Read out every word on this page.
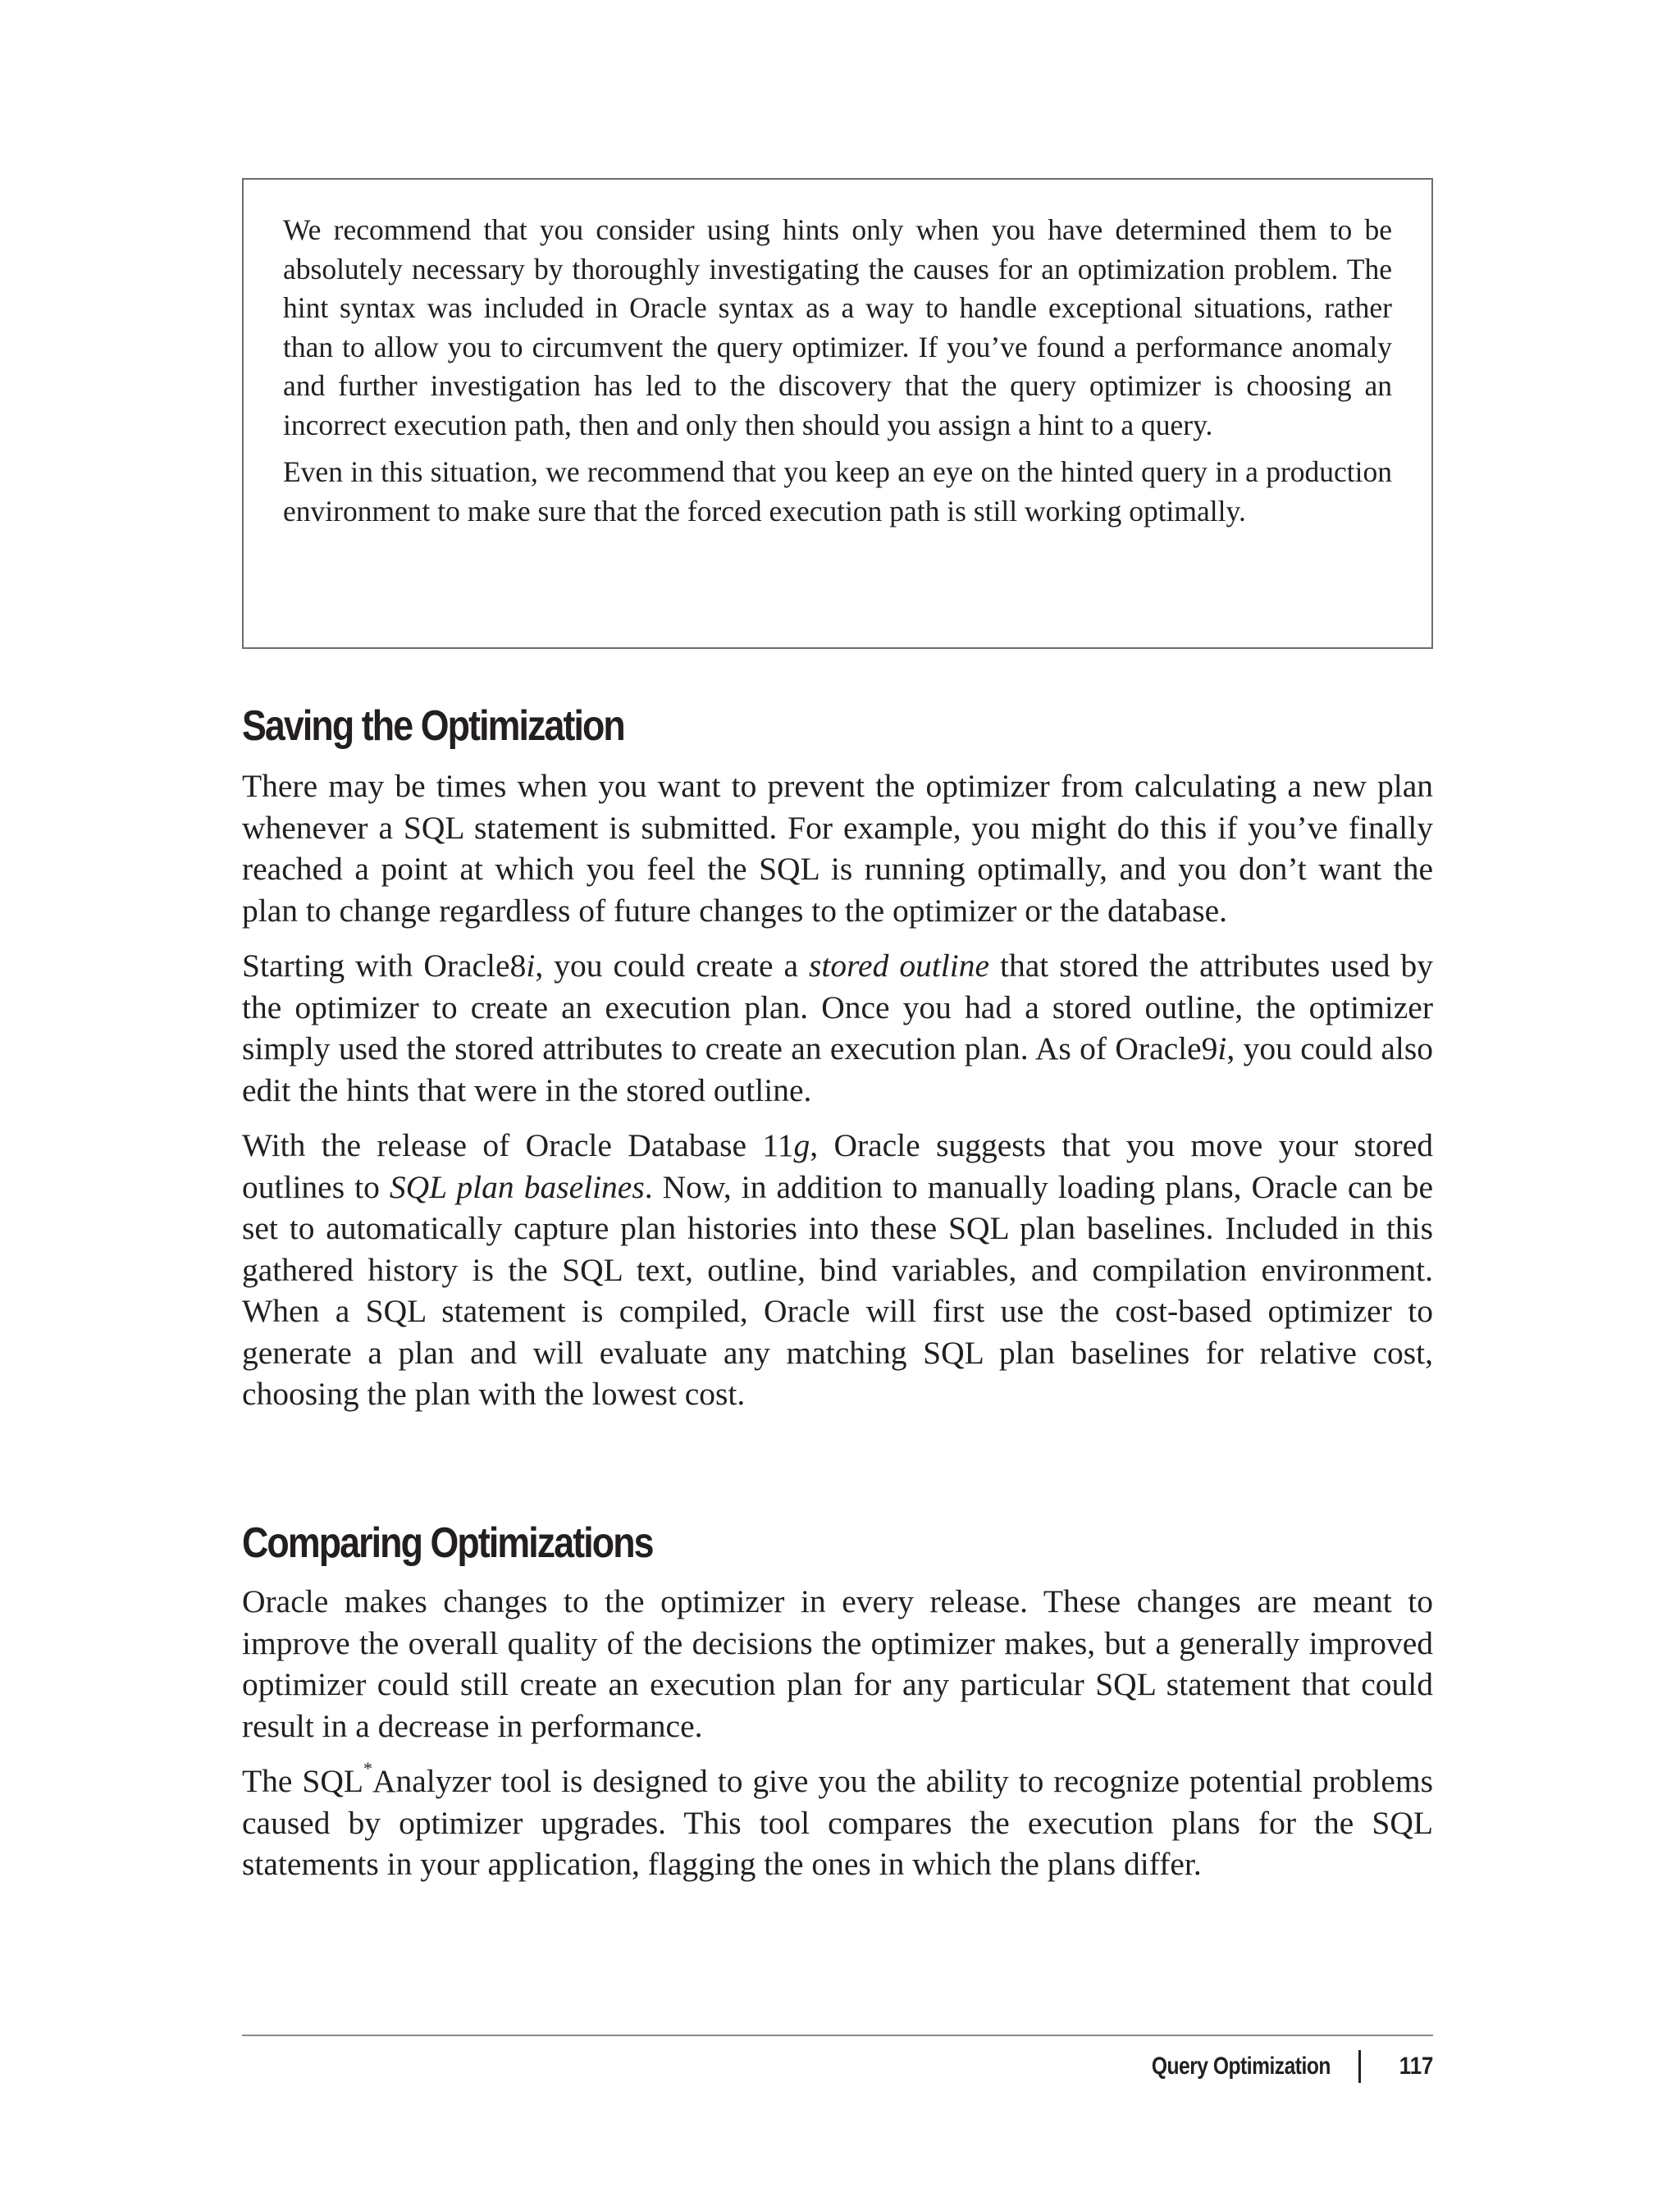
We recommend that you consider using hints only when you have determined them to be absolutely necessary by thoroughly investigating the causes for an optimization problem. The hint syntax was included in Oracle syntax as a way to handle exceptional situations, rather than to allow you to circumvent the query optimizer. If you’ve found a performance anomaly and further investigation has led to the discovery that the query optimizer is choosing an incorrect execution path, then and only then should you assign a hint to a query.

Even in this situation, we recommend that you keep an eye on the hinted query in a production environment to make sure that the forced execution path is still working optimally.

Saving the Optimization

There may be times when you want to prevent the optimizer from calculating a new plan whenever a SQL statement is submitted. For example, you might do this if you’ve finally reached a point at which you feel the SQL is running optimally, and you don’t want the plan to change regardless of future changes to the optimizer or the database.

Starting with Oracle8i, you could create a stored outline that stored the attributes used by the optimizer to create an execution plan. Once you had a stored outline, the optimizer simply used the stored attributes to create an execution plan. As of Oracle9i, you could also edit the hints that were in the stored outline.

With the release of Oracle Database 11g, Oracle suggests that you move your stored outlines to SQL plan baselines. Now, in addition to manually loading plans, Oracle can be set to automatically capture plan histories into these SQL plan baselines. Included in this gathered history is the SQL text, outline, bind variables, and compilation environment. When a SQL statement is compiled, Oracle will first use the cost-based optimizer to generate a plan and will evaluate any matching SQL plan baselines for relative cost, choosing the plan with the lowest cost.

Comparing Optimizations

Oracle makes changes to the optimizer in every release. These changes are meant to improve the overall quality of the decisions the optimizer makes, but a generally improved optimizer could still create an execution plan for any particular SQL statement that could result in a decrease in performance.

The SQL*Analyzer tool is designed to give you the ability to recognize potential problems caused by optimizer upgrades. This tool compares the execution plans for the SQL statements in your application, flagging the ones in which the plans differ.

Query Optimization	117
